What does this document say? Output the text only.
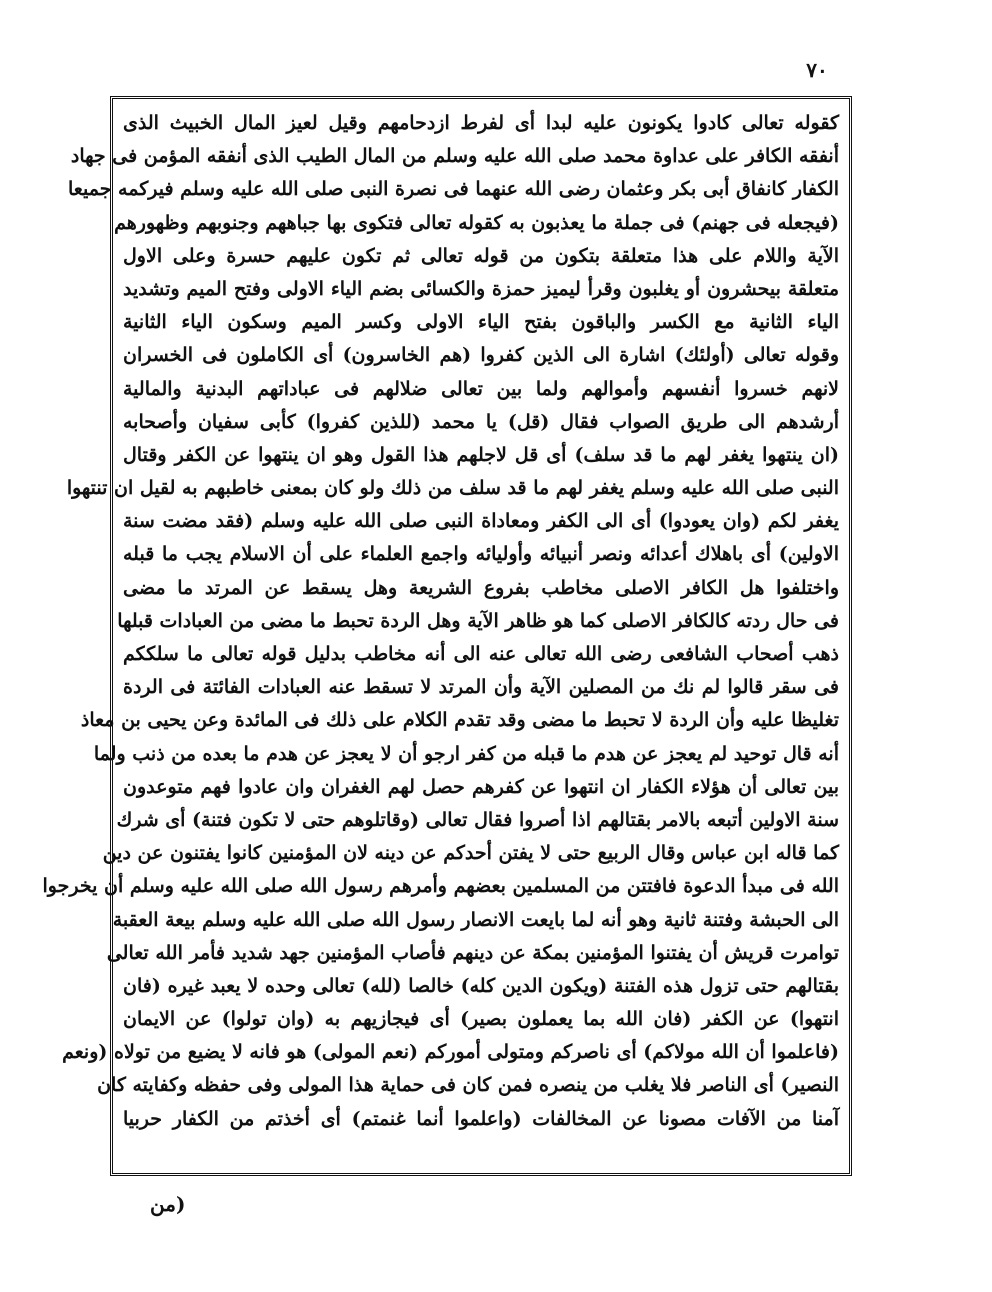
٧٠
كقوله تعالى كادوا يكونون عليه لبدا أى لفرط ازدحامهم وقيل لعيز المال الخبيث الذى
أنفقه الكافر على عداوة محمد صلى الله عليه وسلم من المال الطيب الذى أنفقه المؤمن فى جهاد
الكفار كانفاق أبى بكر وعثمان رضى الله عنهما فى نصرة النبى صلى الله عليه وسلم فيركمه جميعا
(فيجعله فى جهنم) فى جملة ما يعذبون به كقوله تعالى فتكوى بها جباههم وجنوبهم وظهورهم
الآية واللام على هذا متعلقة بتكون من قوله تعالى ثم تكون عليهم حسرة وعلى الاول
متعلقة بيحشرون أو يغلبون وقرأ ليميز حمزة والكسائى بضم الياء الاولى وفتح الميم وتشديد
الياء الثانية مع الكسر والباقون بفتح الياء الاولى وكسر الميم وسكون الياء الثانية
وقوله تعالى (أولئك) اشارة الى الذين كفروا (هم الخاسرون) أى الكاملون فى الخسران
لانهم خسروا أنفسهم وأموالهم ولما بين تعالى ضلالهم فى عباداتهم البدنية والمالية
أرشدهم الى طريق الصواب فقال (قل) يا محمد (للذين كفروا) كأبى سفيان وأصحابه
(ان ينتهوا يغفر لهم ما قد سلف) أى قل لاجلهم هذا القول وهو ان ينتهوا عن الكفر وقتال
النبى صلى الله عليه وسلم يغفر لهم ما قد سلف من ذلك ولو كان بمعنى خاطبهم به لقيل ان تنتهوا
يغفر لكم (وان يعودوا) أى الى الكفر ومعاداة النبى صلى الله عليه وسلم (فقد مضت سنة
الاولين) أى باهلاك أعدائه ونصر أنبيائه وأوليائه واجمع العلماء على أن الاسلام يجب ما قبله
واختلفوا هل الكافر الاصلى مخاطب بفروع الشريعة وهل يسقط عن المرتد ما مضى
فى حال ردته كالكافر الاصلى كما هو ظاهر الآية وهل الردة تحبط ما مضى من العبادات قبلها
ذهب أصحاب الشافعى رضى الله تعالى عنه الى أنه مخاطب بدليل قوله تعالى ما سلككم
فى سقر قالوا لم نك من المصلين الآية وأن المرتد لا تسقط عنه العبادات الفائتة فى الردة
تغليظا عليه وأن الردة لا تحبط ما مضى وقد تقدم الكلام على ذلك فى المائدة وعن يحيى بن معاذ
أنه قال توحيد لم يعجز عن هدم ما قبله من كفر ارجو أن لا يعجز عن هدم ما بعده من ذنب ولما
بين تعالى أن هؤلاء الكفار ان انتهوا عن كفرهم حصل لهم الغفران وان عادوا فهم متوعدون
سنة الاولين أتبعه بالامر بقتالهم اذا أصروا فقال تعالى (وقاتلوهم حتى لا تكون فتنة) أى شرك
كما قاله ابن عباس وقال الربيع حتى لا يفتن أحدكم عن دينه لان المؤمنين كانوا يفتنون عن دين
الله فى مبدأ الدعوة فافتتن من المسلمين بعضهم وأمرهم رسول الله صلى الله عليه وسلم أن يخرجوا
الى الحبشة وفتنة ثانية وهو أنه لما بايعت الانصار رسول الله صلى الله عليه وسلم بيعة العقبة
توامرت قريش أن يفتنوا المؤمنين بمكة عن دينهم فأصاب المؤمنين جهد شديد فأمر الله تعالى
بقتالهم حتى تزول هذه الفتنة (ويكون الدين كله) خالصا (لله) تعالى وحده لا يعبد غيره (فان
انتهوا) عن الكفر (فان الله بما يعملون بصير) أى فيجازيهم به (وان تولوا) عن الايمان
(فاعلموا أن الله مولاكم) أى ناصركم ومتولى أموركم (نعم المولى) هو فانه لا يضيع من تولاه (ونعم
النصير) أى الناصر فلا يغلب من ينصره فمن كان فى حماية هذا المولى وفى حفظه وكفايته كان
آمنا من الآفات مصونا عن المخالفات (واعلموا أنما غنمتم) أى أخذتم من الكفار حربيا
(من
